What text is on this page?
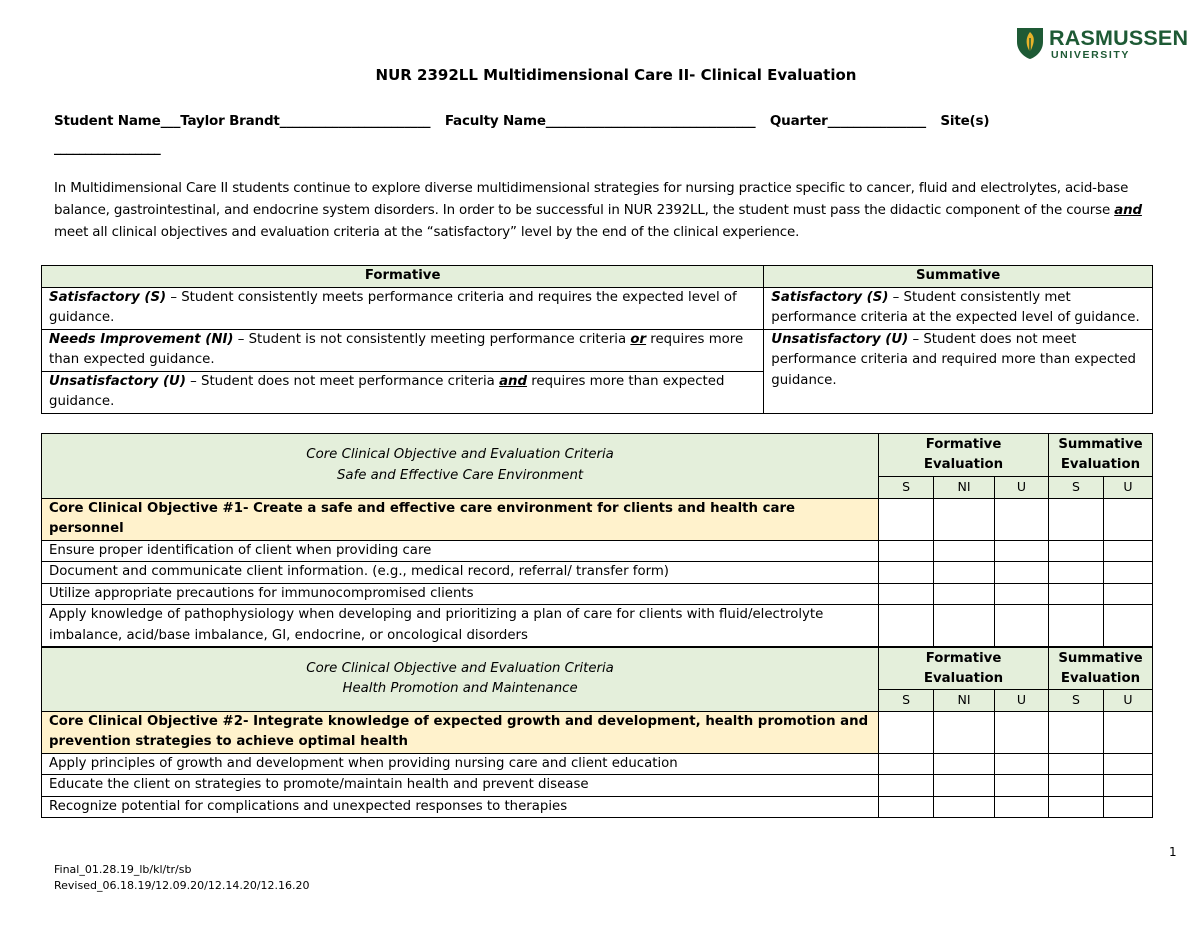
RASMUSSEN
UNIVERSITY
NUR 2392LL Multidimensional Care II- Clinical Evaluation
Student Name___Taylor Brandt_______________________ Faculty Name________________________________ Quarter_______________ Site(s)
_________________
In Multidimensional Care II students continue to explore diverse multidimensional strategies for nursing practice specific to cancer, fluid and electrolytes, acid-base balance, gastrointestinal, and endocrine system disorders. In order to be successful in NUR 2392LL, the student must pass the didactic component of the course and meet all clinical objectives and evaluation criteria at the “satisfactory” level by the end of the clinical experience.
Formative	Summative
Satisfactory (S) – Student consistently meets performance criteria and requires the expected level of guidance.	Satisfactory (S) – Student consistently met performance criteria at the expected level of guidance.
Needs Improvement (NI) – Student is not consistently meeting performance criteria or requires more than expected guidance.	Unsatisfactory (U) – Student does not meet performance criteria and required more than expected guidance.
Unsatisfactory (U) – Student does not meet performance criteria and requires more than expected guidance.	
Core Clinical Objective and Evaluation Criteria
Safe and Effective Care Environment	Formative Evaluation			Summative Evaluation	
	S	NI	U	S	U
Core Clinical Objective #1- Create a safe and effective care environment for clients and health care personnel					
Ensure proper identification of client when providing care					
Document and communicate client information. (e.g., medical record, referral/ transfer form)					
Utilize appropriate precautions for immunocompromised clients					
Apply knowledge of pathophysiology when developing and prioritizing a plan of care for clients with fluid/electrolyte imbalance, acid/base imbalance, GI, endocrine, or oncological disorders					
Core Clinical Objective and Evaluation Criteria
Health Promotion and Maintenance	Formative Evaluation			Summative Evaluation	
	S	NI	U	S	U
Core Clinical Objective #2- Integrate knowledge of expected growth and development, health promotion and prevention strategies to achieve optimal health					
Apply principles of growth and development when providing nursing care and client education					
Educate the client on strategies to promote/maintain health and prevent disease					
Recognize potential for complications and unexpected responses to therapies					
1
Final_01.28.19_lb/kl/tr/sb
Revised_06.18.19/12.09.20/12.14.20/12.16.20
